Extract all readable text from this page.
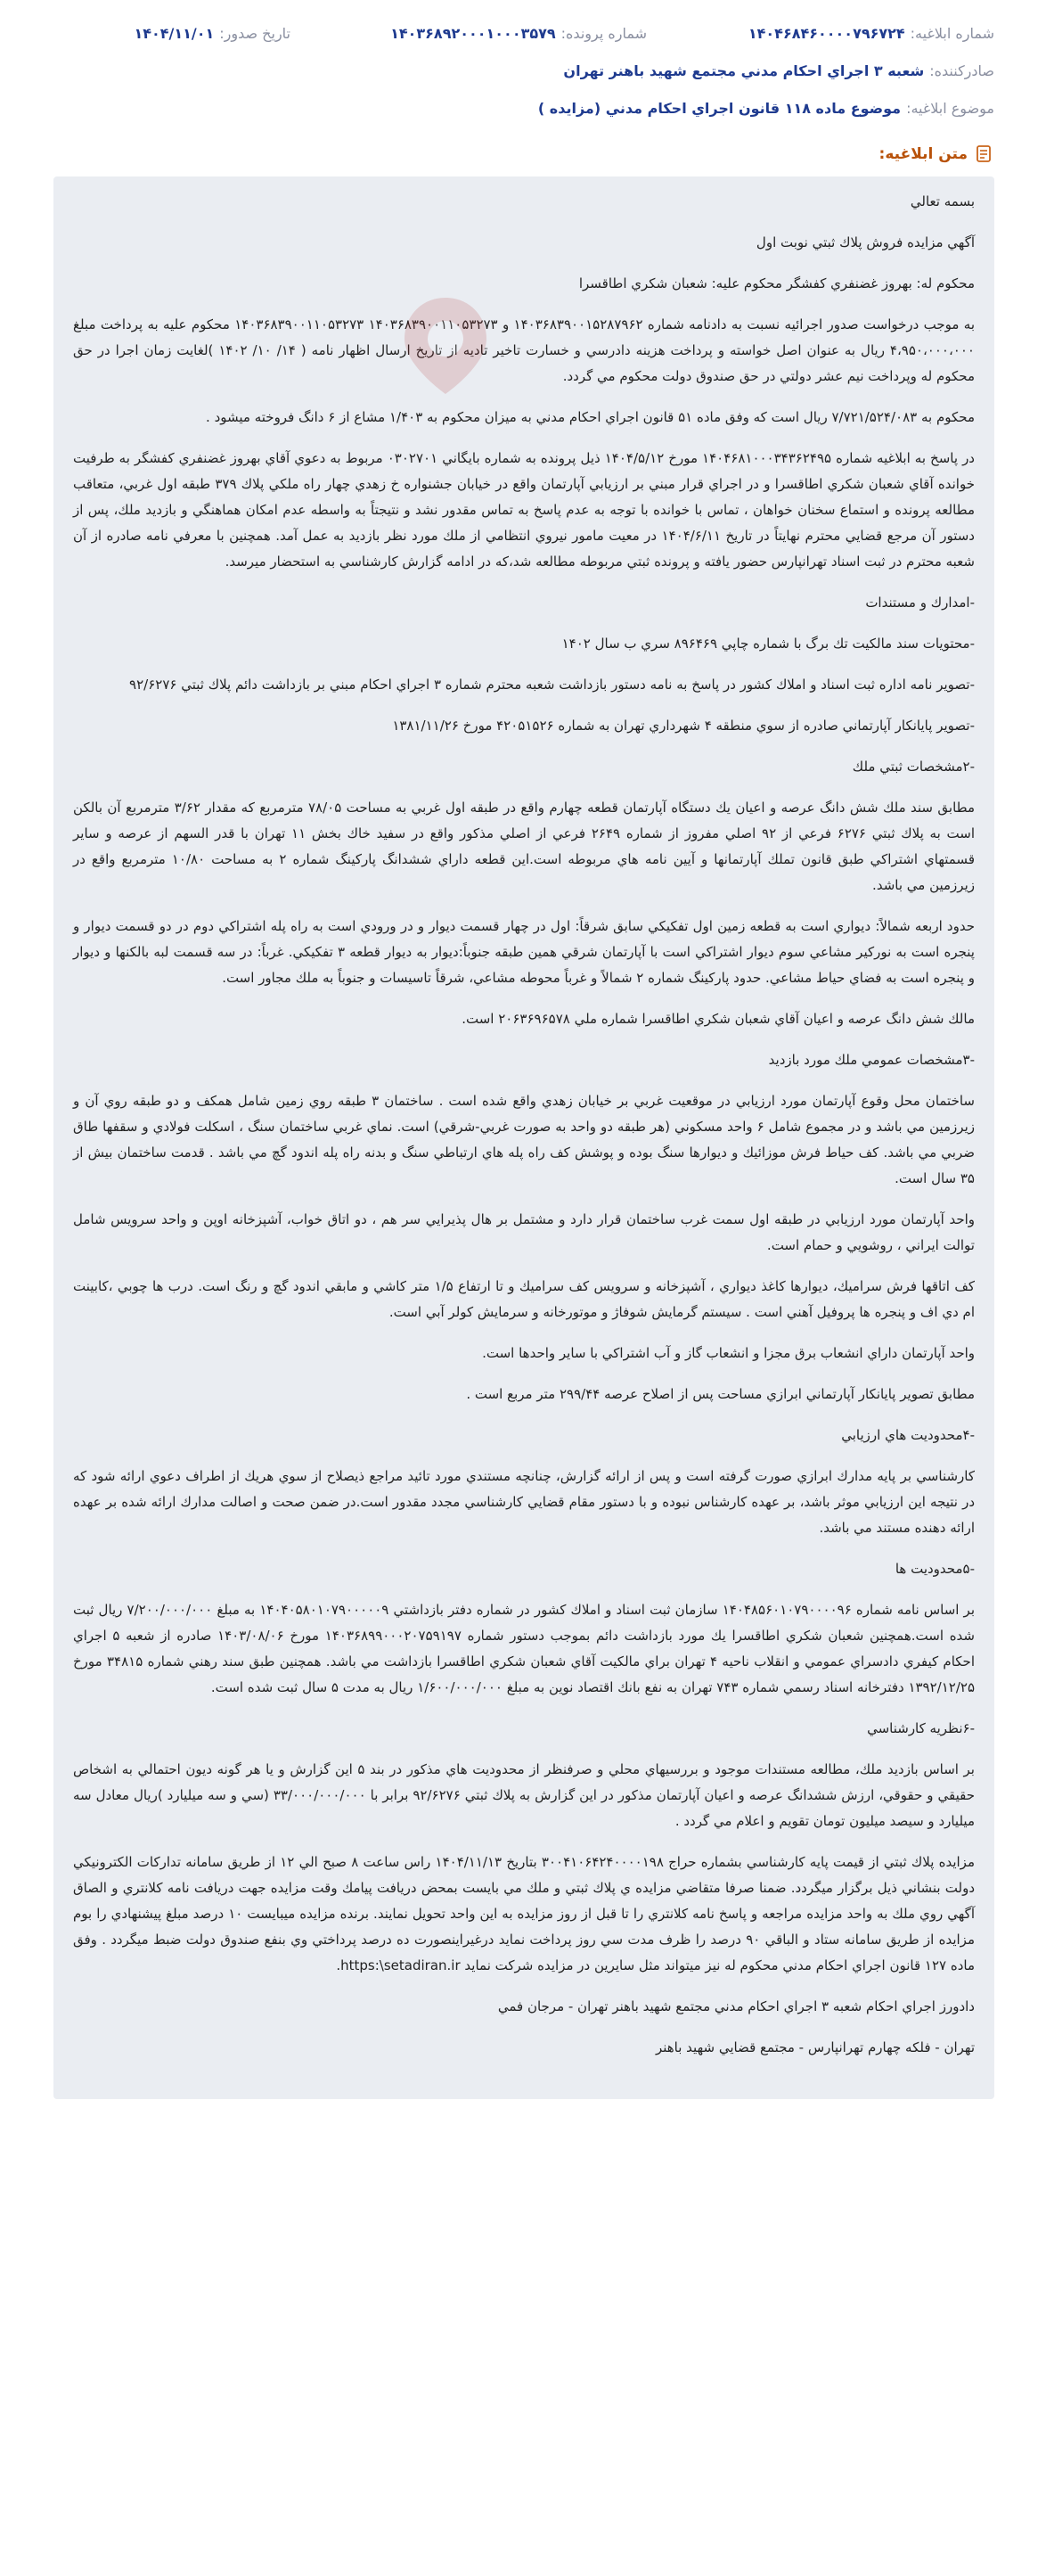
شماره ابلاغیه:
۱۴۰۴۶۸۴۶۰۰۰۰۷۹۶۷۲۴
شماره پرونده:
۱۴۰۳۶۸۹۲۰۰۰۱۰۰۰۳۵۷۹
تاریخ صدور:
۱۴۰۴/۱۱/۰۱
صادرکننده:
شعبه ۳ اجراي احكام مدني مجتمع شهيد باهنر تهران
موضوع ابلاغیه:
موضوع ماده ۱۱۸ قانون اجراي احكام مدني (مزايده )
متن ابلاغیه:

بسمه تعالي

آگهي مزايده فروش پلاك ثبتي نوبت اول

محكوم له: بهروز غضنفري كفشگر محكوم عليه: شعبان شكري اطاقسرا

به موجب درخواست صدور اجرائيه نسبت به دادنامه شماره ۱۴۰۳۶۸۳۹۰۰۱۵۲۸۷۹۶۲ و ۱۴۰۳۶۸۳۹۰۰۱۱۰۵۳۲۷۳ ۱۴۰۳۶۸۳۹۰۰۱۱۰۵۳۲۷۳ محکوم علیه به پرداخت مبلغ ۴،۹۵۰،۰۰۰،۰۰۰ ريال به عنوان اصل خواسته و پرداخت هزينه دادرسي و خسارت تاخير تاديه از تاريخ ارسال اظهار نامه ( ۱۴/ ۱۰/ ۱۴۰۲ )لغايت زمان اجرا در حق محكوم له وپرداخت نيم عشر دولتي در حق صندوق دولت محكوم مي گردد.

محكوم به ۷/۷۲۱/۵۲۴/۰۸۳ ريال است كه وفق ماده ۵۱ قانون اجراي احكام مدني به ميزان محكوم به ۱/۴۰۳ مشاع از ۶ دانگ فروخته ميشود .

در پاسخ به ابلاغيه شماره ۱۴۰۴۶۸۱۰۰۰۳۴۳۶۲۴۹۵ مورخ ۱۴۰۴/۵/۱۲ ذيل پرونده به شماره بايگاني ۰۳۰۲۷۰۱ مربوط به دعوي آقاي بهروز غضنفري كفشگر به طرفيت خوانده آقاي شعبان شكري اطاقسرا و در اجراي قرار مبني بر ارزيابي آپارتمان واقع در خيابان جشنواره خ زهدي چهار راه ملكي پلاك ۳۷۹ طبقه اول غربي، متعاقب مطالعه پرونده و استماع سخنان خواهان ، تماس با خوانده با توجه به عدم پاسخ به تماس مقدور نشد و نتيجتاً به واسطه عدم امكان هماهنگي و بازديد ملك، پس از دستور آن مرجع قضايي محترم نهايتاً در تاريخ ۱۴۰۴/۶/۱۱ در معيت مامور نيروي انتظامي از ملك مورد نظر بازديد به عمل آمد. همچنين با معرفي نامه صادره از آن شعبه محترم در ثبت اسناد تهرانپارس حضور يافته و پرونده ثبتي مربوطه مطالعه شد،كه در ادامه گزارش كارشناسي به استحضار ميرسد.

-امدارك و مستندات

-محتويات سند مالكيت تك برگ با شماره چاپي ۸۹۶۴۶۹ سري ب سال ۱۴۰۲

-تصوير نامه اداره ثبت اسناد و املاك كشور در پاسخ به نامه دستور بازداشت شعبه محترم شماره ۳ اجراي احكام مبني بر بازداشت دائم پلاك ثبتي ۹۲/۶۲۷۶

-تصوير پايانكار آپارتماني صادره از سوي منطقه ۴ شهرداري تهران به شماره ۴۲۰۵۱۵۲۶ مورخ ۱۳۸۱/۱۱/۲۶

-۲مشخصات ثبتي ملك

مطابق سند ملك شش دانگ عرصه و اعيان يك دستگاه آپارتمان قطعه چهارم واقع در طبقه اول غربي به مساحت ۷۸/۰۵ مترمربع كه مقدار ۳/۶۲ مترمربع آن بالكن است به پلاك ثبتي ۶۲۷۶ فرعي از ۹۲ اصلي مفروز از شماره ۲۶۴۹ فرعي از اصلي مذكور واقع در سفيد خاك بخش ۱۱ تهران با قدر السهم از عرصه و ساير قسمتهاي اشتراكي طبق قانون تملك آپارتمانها و آيين نامه هاي مربوطه است.اين قطعه داراي ششدانگ پاركينگ شماره ۲ به مساحت ۱۰/۸۰ مترمربع واقع در زيرزمين مي باشد.

حدود اربعه شمالاً: ديواري است به قطعه زمين اول تفكيكي سابق شرقاً: اول در چهار قسمت ديوار و در ورودي است به راه پله اشتراكي دوم در دو قسمت ديوار و پنجره است به نوركير مشاعي سوم ديوار اشتراكي است با آپارتمان شرقي همين طبقه جنوباً:ديوار به ديوار قطعه ۳ تفكيكي. غرباً: در سه قسمت لبه بالكنها و ديوار و پنجره است به فضاي حياط مشاعي. حدود پاركينگ شماره ۲ شمالاً و غرباً محوطه مشاعي، شرقاً تاسيسات و جنوباً به ملك مجاور است.

مالك شش دانگ عرصه و اعيان آقاي شعبان شكري اطاقسرا شماره ملي ۲۰۶۳۶۹۶۵۷۸ است.

-۳مشخصات عمومي ملك مورد بازديد

ساختمان محل وقوع آپارتمان مورد ارزيابي در موقعيت غربي بر خيابان زهدي واقع شده است . ساختمان ۳ طبقه روي زمين شامل همكف و دو طبقه روي آن و زيرزمين مي باشد و در مجموع شامل ۶ واحد مسكوني (هر طبقه دو واحد به صورت غربي-شرقي) است. نماي غربي ساختمان سنگ ، اسكلت فولادي و سقفها طاق ضربي مي باشد. كف حياط فرش موزائيك و ديوارها سنگ بوده و پوشش كف راه پله هاي ارتباطي سنگ و بدنه راه پله اندود گچ مي باشد . قدمت ساختمان بيش از ۳۵ سال است.

واحد آپارتمان مورد ارزيابي در طبقه اول سمت غرب ساختمان قرار دارد و مشتمل بر هال پذيرايي سر هم ، دو اتاق خواب، آشپزخانه اوپن و واحد سرويس شامل توالت ايراني ، روشويي و حمام است.

كف اتاقها فرش سراميك، ديوارها كاغذ ديواري ، آشپزخانه و سرويس كف سراميك و تا ارتفاع ۱/۵ متر كاشي و مابقي اندود گچ و رنگ است. درب ها چوبي ،كابينت ام دي اف و پنجره ها پروفيل آهني است . سيستم گرمايش شوفاژ و موتورخانه و سرمايش كولر آبي است.

واحد آپارتمان داراي انشعاب برق مجزا و انشعاب گاز و آب اشتراكي با ساير واحدها است.

مطابق تصوير پايانكار آپارتماني ابرازي مساحت پس از اصلاح عرصه ۲۹۹/۴۴ متر مربع است .

-۴محدوديت هاي ارزيابي

كارشناسي بر پايه مدارك ابرازي صورت گرفته است و پس از ارائه گزارش، چنانچه مستندي مورد تائيد مراجع ذيصلاح از سوي هريك از اطراف دعوي ارائه شود كه در نتيجه اين ارزيابي موثر باشد، بر عهده كارشناس نبوده و با دستور مقام قضايي كارشناسي مجدد مقدور است.در ضمن صحت و اصالت مدارك ارائه شده بر عهده ارائه دهنده مستند مي باشد.

-۵محدوديت ها

بر اساس نامه شماره ۱۴۰۴۸۵۶۰۱۰۷۹۰۰۰۰۹۶ سازمان ثبت اسناد و املاك كشور در شماره دفتر بازداشتي ۱۴۰۴۰۵۸۰۱۰۷۹۰۰۰۰۰۹ به مبلغ ۷/۲۰۰/۰۰۰/۰۰۰ ريال ثبت شده است.همچنين شعبان شكري اطاقسرا يك مورد بازداشت دائم بموجب دستور شماره ۱۴۰۳۶۸۹۹۰۰۰۲۰۷۵۹۱۹۷ مورخ ۱۴۰۳/۰۸/۰۶ صادره از شعبه ۵ اجراي احكام كيفري دادسراي عمومي و انقلاب ناحيه ۴ تهران براي مالكيت آقاي شعبان شكري اطاقسرا بازداشت مي باشد. همچنين طبق سند رهني شماره ۳۴۸۱۵ مورخ ۱۳۹۲/۱۲/۲۵ دفترخانه اسناد رسمي شماره ۷۴۳ تهران به نفع بانك اقتصاد نوين به مبلغ ۱/۶۰۰/۰۰۰/۰۰۰ ريال به مدت ۵ سال ثبت شده است.

-۶نظريه كارشناسي

بر اساس بازديد ملك، مطالعه مستندات موجود و بررسيهاي محلي و صرفنظر از محدوديت هاي مذكور در بند ۵ اين گزارش و يا هر گونه ديون احتمالي به اشخاص حقيقي و حقوقي، ارزش ششدانگ عرصه و اعيان آپارتمان مذكور در اين گزارش به پلاك ثبتي ۹۲/۶۲۷۶ برابر با ۳۳/۰۰۰/۰۰۰/۰۰۰ (سي و سه ميليارد )ريال معادل سه ميليارد و سيصد ميليون تومان تقويم و اعلام مي گردد .

مزايده پلاك ثبتي از قيمت پايه كارشناسي بشماره حراج ۳۰۰۴۱۰۶۴۲۴۰۰۰۰۱۹۸ بتاريخ ۱۴۰۴/۱۱/۱۳ راس ساعت ۸ صبح الي ۱۲ از طريق سامانه تداركات الكترونيكي دولت بنشاني ذيل برگزار ميگردد. ضمنا صرفا متقاضي مزايده ي پلاك ثبتي و ملك مي بايست بمحض دريافت پيامك وقت مزايده جهت دريافت نامه كلانتري و الصاق آگهي روي ملك به واحد مزايده مراجعه و پاسخ نامه كلانتري را تا قبل از روز مزايده به اين واحد تحويل نمايند. برنده مزايده ميبايست ۱۰ درصد مبلغ پيشنهادي را بوم مزايده از طريق سامانه ستاد و الباقي ۹۰ درصد را ظرف مدت سي روز پرداخت نمايد درغيراينصورت ده درصد پرداختي وي بنفع صندوق دولت ضبط ميگردد . وفق ماده ۱۲۷ قانون اجراي احكام مدني محكوم له نيز ميتواند مثل سايرين در مزايده شركت نمايد https:\setadiran.ir.

دادورز اجراي احكام شعبه ۳ اجراي احكام مدني مجتمع شهيد باهنر تهران - مرجان فمي

تهران - فلكه چهارم تهرانپارس - مجتمع قضايي شهيد باهنر
